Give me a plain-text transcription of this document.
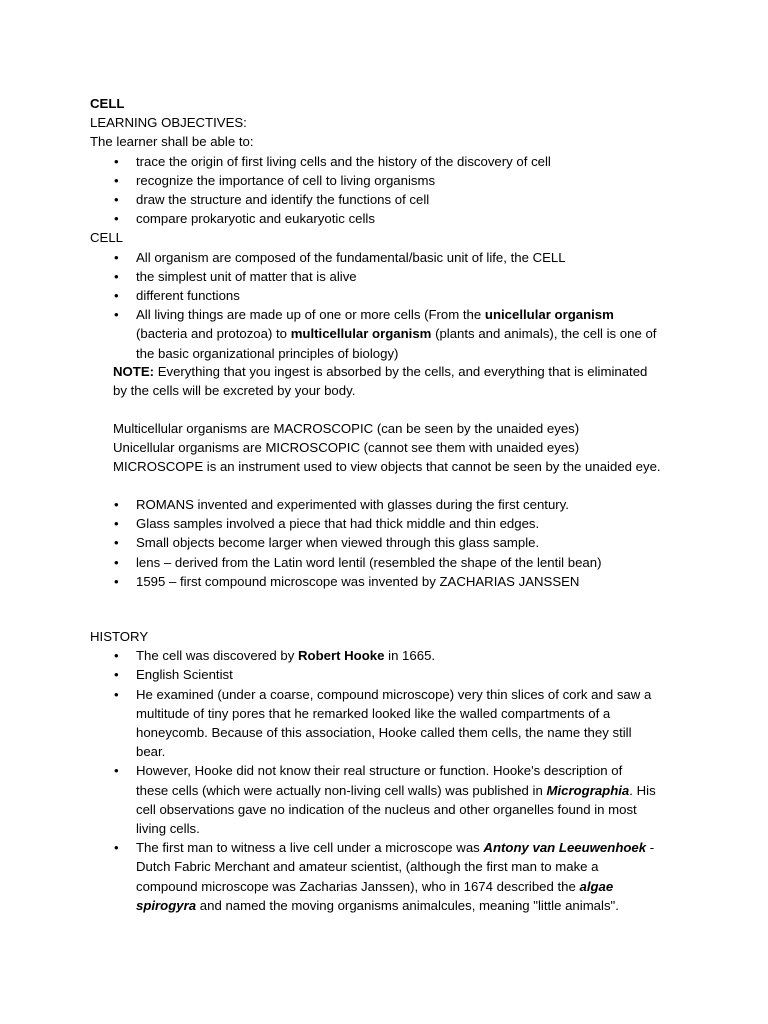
CELL
LEARNING OBJECTIVES:
The learner shall be able to:
• trace the origin of first living cells and the history of the discovery of cell
• recognize the importance of cell to living organisms
• draw the structure and identify the functions of cell
• compare prokaryotic and eukaryotic cells
CELL
• All organism are composed of the fundamental/basic unit of life, the CELL
• the simplest unit of matter that is alive
• different functions
• All living things are made up of one or more cells (From the unicellular organism
(bacteria and protozoa) to multicellular organism (plants and animals), the cell is one of
the basic organizational principles of biology)
NOTE: Everything that you ingest is absorbed by the cells, and everything that is eliminated
by the cells will be excreted by your body.
Multicellular organisms are MACROSCOPIC (can be seen by the unaided eyes)
Unicellular organisms are MICROSCOPIC (cannot see them with unaided eyes)
MICROSCOPE is an instrument used to view objects that cannot be seen by the unaided eye.
• ROMANS invented and experimented with glasses during the first century.
• Glass samples involved a piece that had thick middle and thin edges.
• Small objects become larger when viewed through this glass sample.
• lens – derived from the Latin word lentil (resembled the shape of the lentil bean)
• 1595 – first compound microscope was invented by ZACHARIAS JANSSEN
HISTORY
• The cell was discovered by Robert Hooke in 1665.
• English Scientist
• He examined (under a coarse, compound microscope) very thin slices of cork and saw a
multitude of tiny pores that he remarked looked like the walled compartments of a
honeycomb. Because of this association, Hooke called them cells, the name they still
bear.
• However, Hooke did not know their real structure or function. Hooke's description of
these cells (which were actually non-living cell walls) was published in Micrographia. His
cell observations gave no indication of the nucleus and other organelles found in most
living cells.
• The first man to witness a live cell under a microscope was Antony van Leeuwenhoek -
Dutch Fabric Merchant and amateur scientist, (although the first man to make a
compound microscope was Zacharias Janssen), who in 1674 described the algae
spirogyra and named the moving organisms animalcules, meaning "little animals".
